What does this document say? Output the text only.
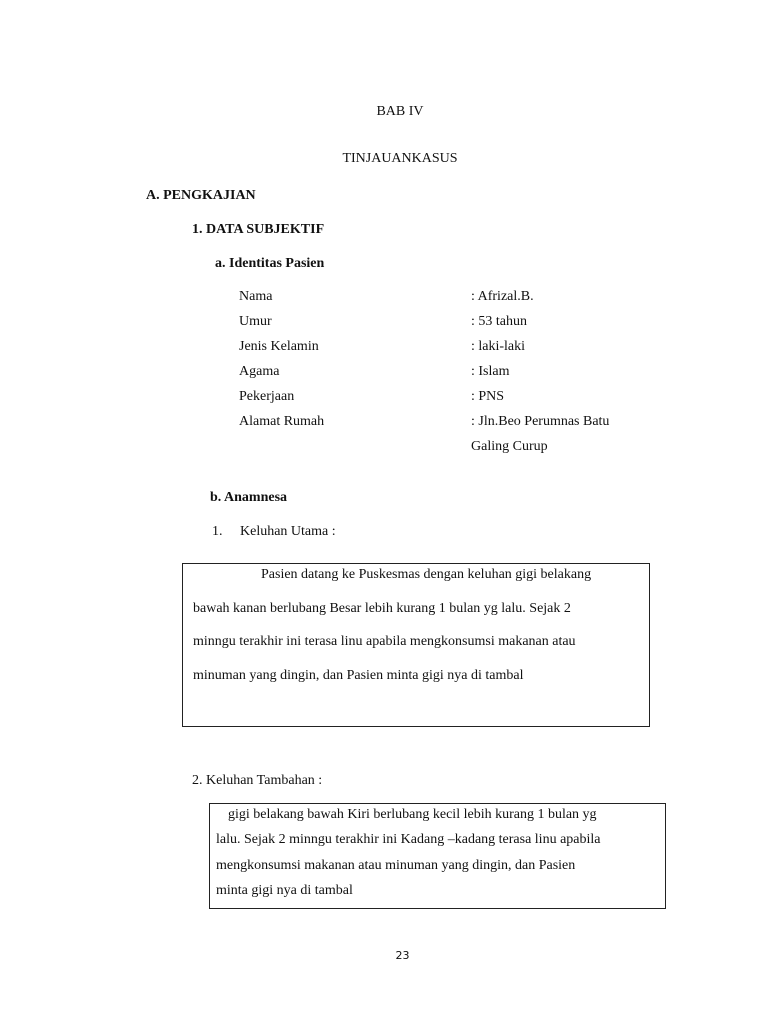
BAB IV
TINJAUANKASUS
A. PENGKAJIAN
1. DATA SUBJEKTIF
a. Identitas Pasien
Nama	: Afrizal.B.
Umur	: 53 tahun
Jenis Kelamin	: laki-laki
Agama	: Islam
Pekerjaan	: PNS
Alamat Rumah	: Jln.Beo Perumnas Batu
Galing Curup
b. Anamnesa
1. Keluhan Utama :
Pasien datang ke Puskesmas dengan keluhan gigi belakang
bawah kanan berlubang Besar lebih kurang 1 bulan yg lalu. Sejak 2
minngu terakhir ini terasa linu apabila mengkonsumsi makanan atau
minuman yang dingin, dan Pasien minta gigi nya di tambal
2. Keluhan Tambahan :
gigi belakang bawah Kiri berlubang kecil lebih kurang 1 bulan yg
lalu. Sejak 2 minngu terakhir ini Kadang –kadang terasa linu apabila
mengkonsumsi makanan atau minuman yang dingin, dan Pasien
minta gigi nya di tambal
23
